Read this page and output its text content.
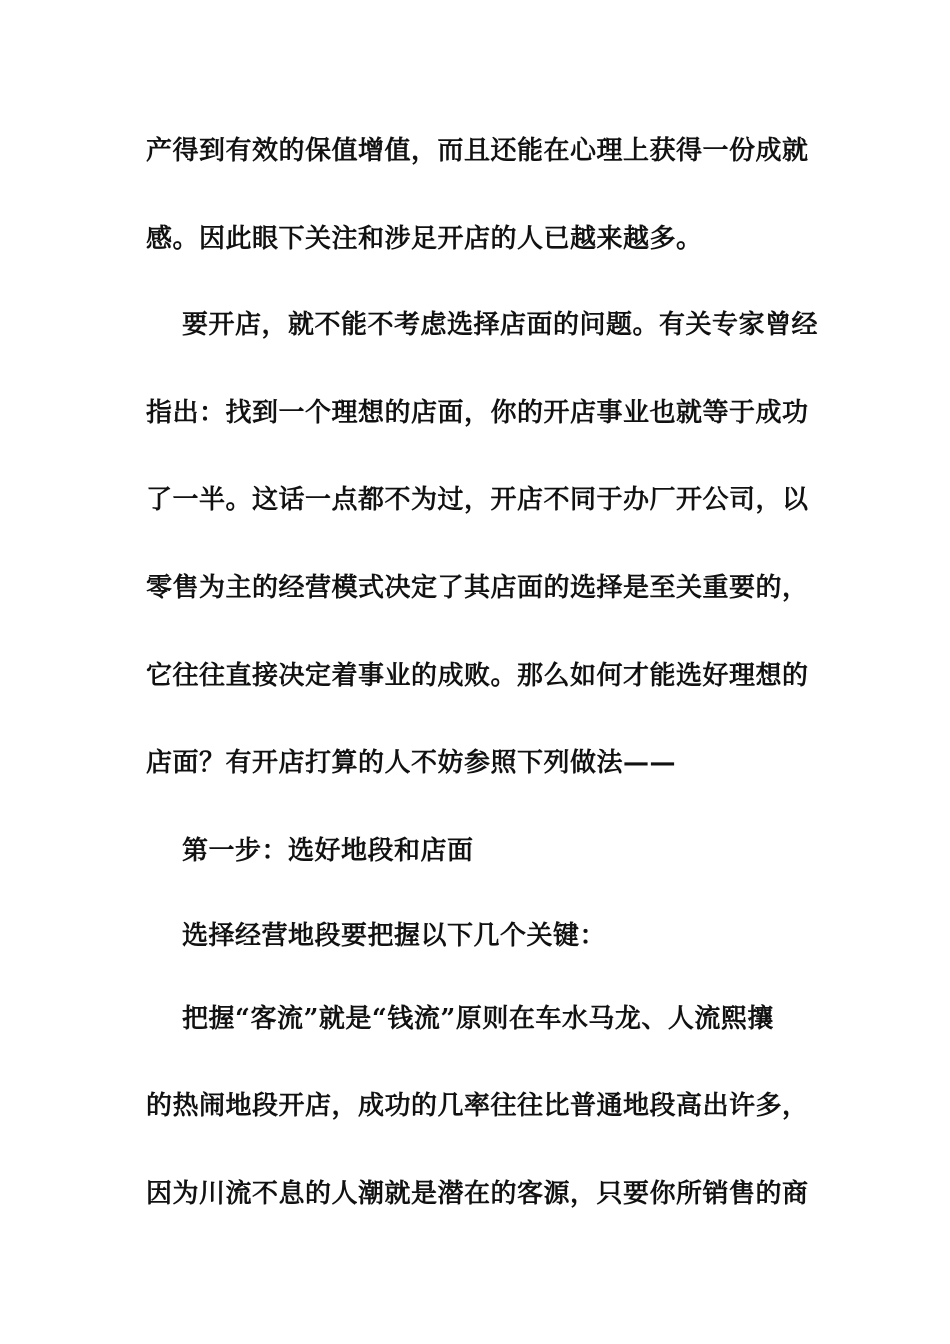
产得到有效的保值增值，而且还能在心理上获得一份成就

感。因此眼下关注和涉足开店的人已越来越多。

要开店，就不能不考虑选择店面的问题。有关专家曾经

指出：找到一个理想的店面，你的开店事业也就等于成功

了一半。这话一点都不为过，开店不同于办厂开公司，以

零售为主的经营模式决定了其店面的选择是至关重要的，

它往往直接决定着事业的成败。那么如何才能选好理想的

店面？有开店打算的人不妨参照下列做法——

第一步：选好地段和店面

选择经营地段要把握以下几个关键：

把握“客流”就是“钱流”原则在车水马龙、人流熙攘

的热闹地段开店，成功的几率往往比普通地段高出许多，

因为川流不息的人潮就是潜在的客源，只要你所销售的商
